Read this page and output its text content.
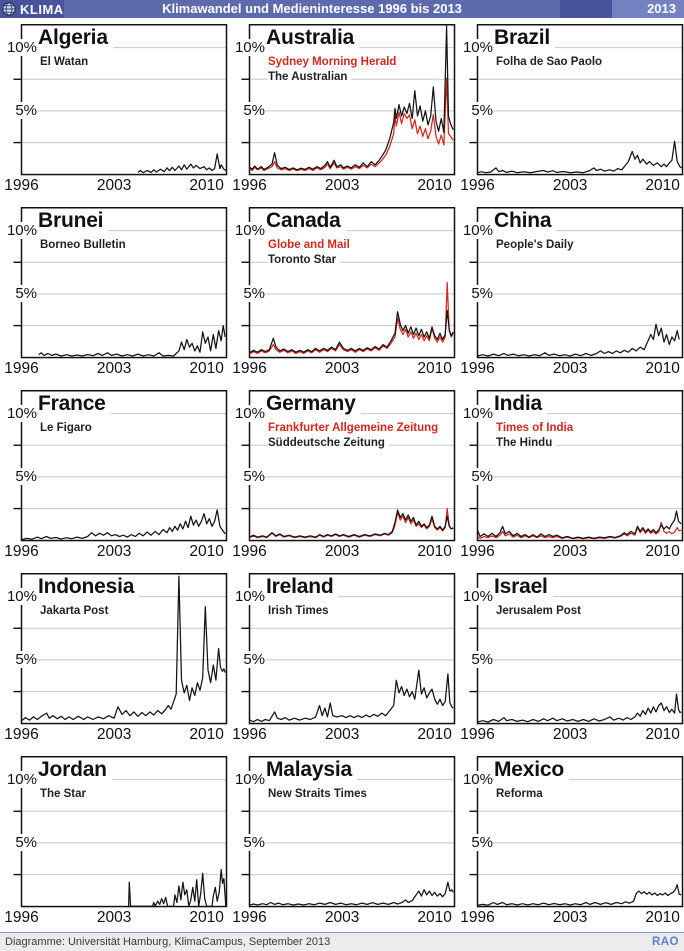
KLIMA	Klimawandel und Medieninteresse 1996 bis 2013	2013
10%
5%
Algeria
El Watan
1996	2003	2010
10%
5%
Australia
Sydney Morning Herald
The Australian
1996	2003	2010
10%
5%
Brazil
Folha de Sao Paolo
1996	2003	2010
10%
5%
Brunei
Borneo Bulletin
1996	2003	2010
10%
5%
Canada
Globe and Mail
Toronto Star
1996	2003	2010
10%
5%
China
People's Daily
1996	2003	2010
10%
5%
France
Le Figaro
1996	2003	2010
10%
5%
Germany
Frankfurter Allgemeine Zeitung
Süddeutsche Zeitung
1996	2003	2010
10%
5%
India
Times of India
The Hindu
1996	2003	2010
10%
5%
Indonesia
Jakarta Post
1996	2003	2010
10%
5%
Ireland
Irish Times
1996	2003	2010
10%
5%
Israel
Jerusalem Post
1996	2003	2010
10%
5%
Jordan
The Star
1996	2003	2010
10%
5%
Malaysia
New Straits Times
1996	2003	2010
10%
5%
Mexico
Reforma
1996	2003	2010
Diagramme: Universität Hamburg, KlimaCampus, September 2013	RAO
